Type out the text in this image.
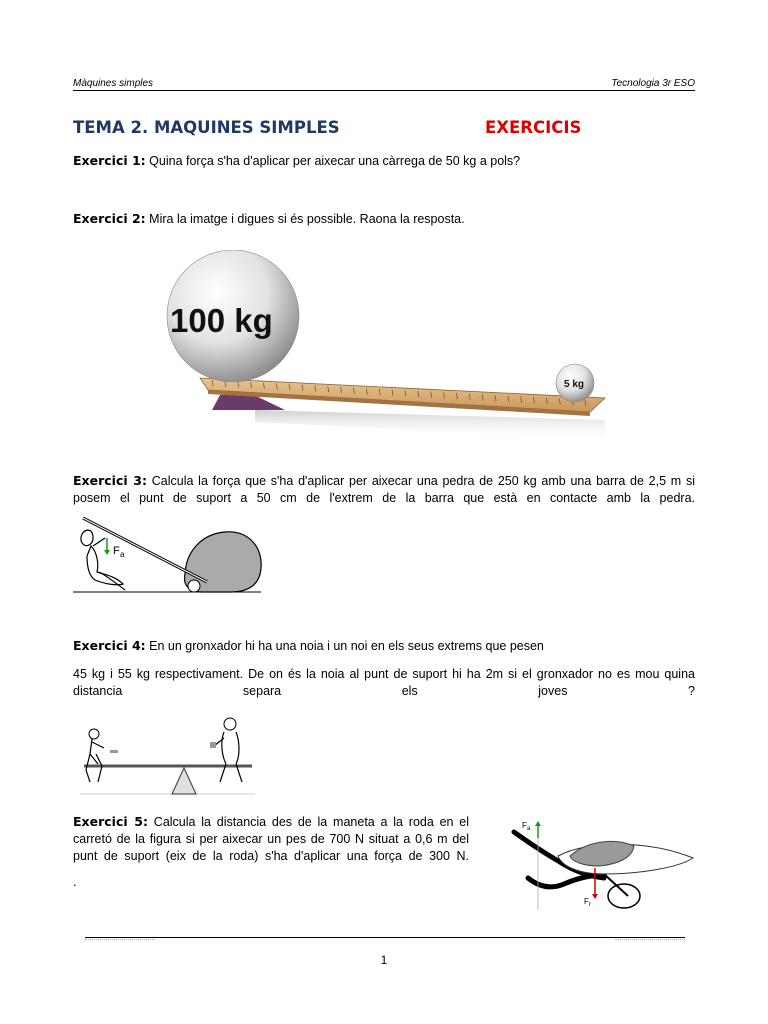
Màquines simples	Tecnologia 3r ESO
TEMA 2. MAQUINES SIMPLES	EXERCICIS
Exercici 1: Quina força s'ha d'aplicar per aixecar una càrrega de 50 kg a pols?
Exercici 2: Mira la imatge i digues si és possible. Raona la resposta.
100 kg
5 kg
Exercici 3: Calcula la força que s'ha d'aplicar per aixecar una pedra de 250 kg amb una barra de 2,5 m si posem el punt de suport a 50 cm de l'extrem de la barra que està en contacte amb la pedra.
F a
Exercici 4: En un gronxador hi ha una noia i un noi en els seus extrems que pesen
45 kg i 55 kg respectivament. De on és la noia al punt de suport hi ha 2m si el gronxador no es mou quina distancia separa els joves ?
Exercici 5: Calcula la distancia des de la maneta a la roda en el carretó de la figura si per aixecar un pes de 700 N situat a 0,6 m del punt de suport (eix de la roda) s'ha d'aplicar una força de 300 N.
.
F a
F r
1
